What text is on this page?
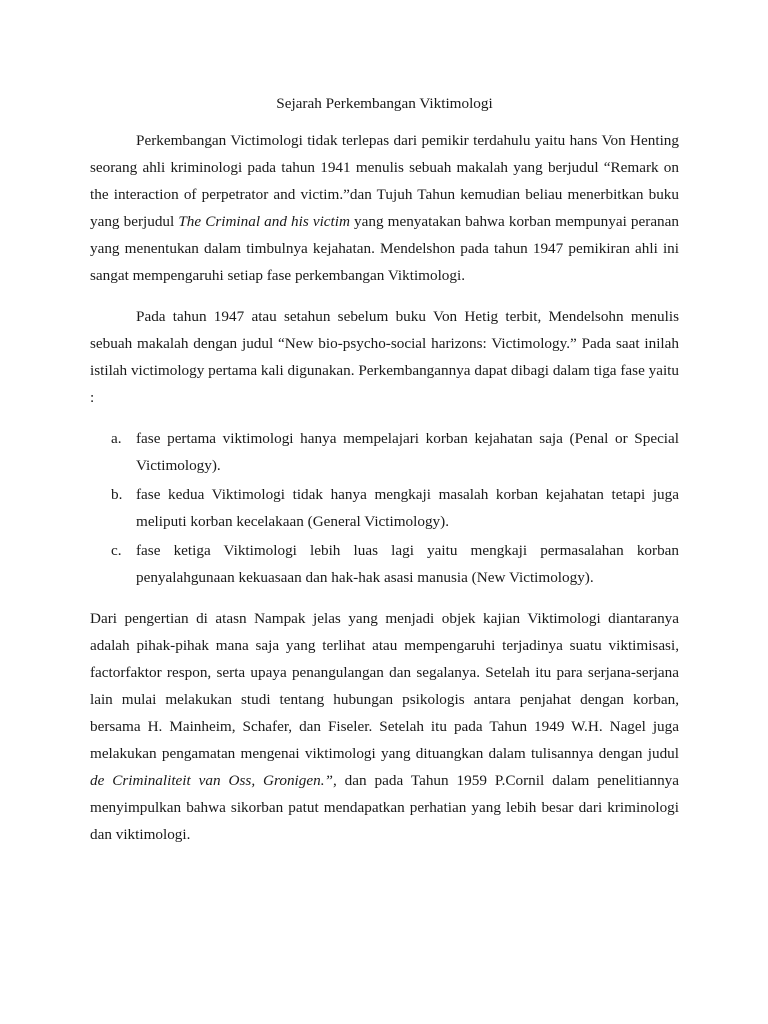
Sejarah Perkembangan Viktimologi

Perkembangan Victimologi tidak terlepas dari pemikir terdahulu yaitu hans Von Henting seorang ahli kriminologi pada tahun 1941 menulis sebuah makalah yang berjudul “Remark on the interaction of perpetrator and victim.”dan Tujuh Tahun kemudian beliau menerbitkan buku yang berjudul The Criminal and his victim yang menyatakan bahwa korban mempunyai peranan yang menentukan dalam timbulnya kejahatan. Mendelshon pada tahun 1947 pemikiran ahli ini sangat mempengaruhi setiap fase perkembangan Viktimologi.

Pada tahun 1947 atau setahun sebelum buku Von Hetig terbit, Mendelsohn menulis sebuah makalah dengan judul “New bio-psycho-social harizons: Victimology.” Pada saat inilah istilah victimology pertama kali digunakan. Perkembangannya dapat dibagi dalam tiga fase yaitu :

a. fase pertama viktimologi hanya mempelajari korban kejahatan saja (Penal or Special Victimology).
b. fase kedua Viktimologi tidak hanya mengkaji masalah korban kejahatan tetapi juga meliputi korban kecelakaan (General Victimology).
c. fase ketiga Viktimologi lebih luas lagi yaitu mengkaji permasalahan korban penyalahgunaan kekuasaan dan hak-hak asasi manusia (New Victimology).

Dari pengertian di atasn Nampak jelas yang menjadi objek kajian Viktimologi diantaranya adalah pihak-pihak mana saja yang terlihat atau mempengaruhi terjadinya suatu viktimisasi, factorfaktor respon, serta upaya penangulangan dan segalanya. Setelah itu para serjana-serjana lain mulai melakukan studi tentang hubungan psikologis antara penjahat dengan korban, bersama H. Mainheim, Schafer, dan Fiseler. Setelah itu pada Tahun 1949 W.H. Nagel juga melakukan pengamatan mengenai viktimologi yang dituangkan dalam tulisannya dengan judul de Criminaliteit van Oss, Gronigen.”, dan pada Tahun 1959 P.Cornil dalam penelitiannya menyimpulkan bahwa sikorban patut mendapatkan perhatian yang lebih besar dari kriminologi dan viktimologi.
